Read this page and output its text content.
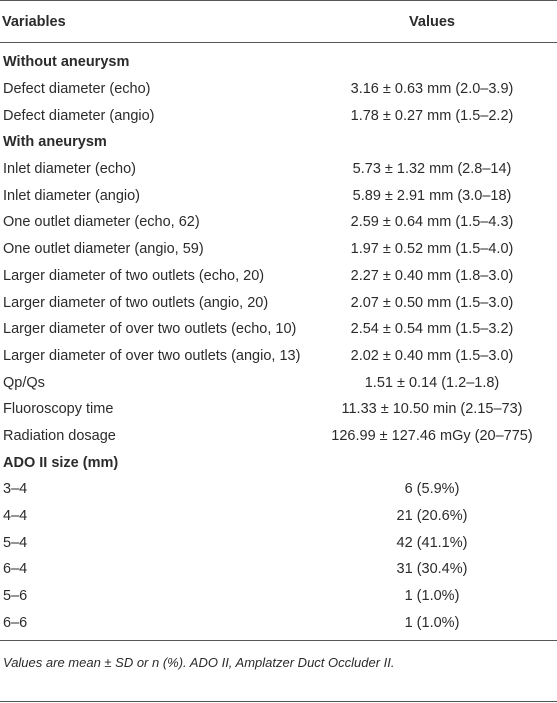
Variables	Values
Without aneurysm	
Defect diameter (echo)	3.16 ± 0.63 mm (2.0–3.9)
Defect diameter (angio)	1.78 ± 0.27 mm (1.5–2.2)
With aneurysm	
Inlet diameter (echo)	5.73 ± 1.32 mm (2.8–14)
Inlet diameter (angio)	5.89 ± 2.91 mm (3.0–18)
One outlet diameter (echo, 62)	2.59 ± 0.64 mm (1.5–4.3)
One outlet diameter (angio, 59)	1.97 ± 0.52 mm (1.5–4.0)
Larger diameter of two outlets (echo, 20)	2.27 ± 0.40 mm (1.8–3.0)
Larger diameter of two outlets (angio, 20)	2.07 ± 0.50 mm (1.5–3.0)
Larger diameter of over two outlets (echo, 10)	2.54 ± 0.54 mm (1.5–3.2)
Larger diameter of over two outlets (angio, 13)	2.02 ± 0.40 mm (1.5–3.0)
Qp/Qs	1.51 ± 0.14 (1.2–1.8)
Fluoroscopy time	11.33 ± 10.50 min (2.15–73)
Radiation dosage	126.99 ± 127.46 mGy (20–775)
ADO II size (mm)	
3–4	6 (5.9%)
4–4	21 (20.6%)
5–4	42 (41.1%)
6–4	31 (30.4%)
5–6	1 (1.0%)
6–6	1 (1.0%)
Values are mean ± SD or n (%). ADO II, Amplatzer Duct Occluder II.
